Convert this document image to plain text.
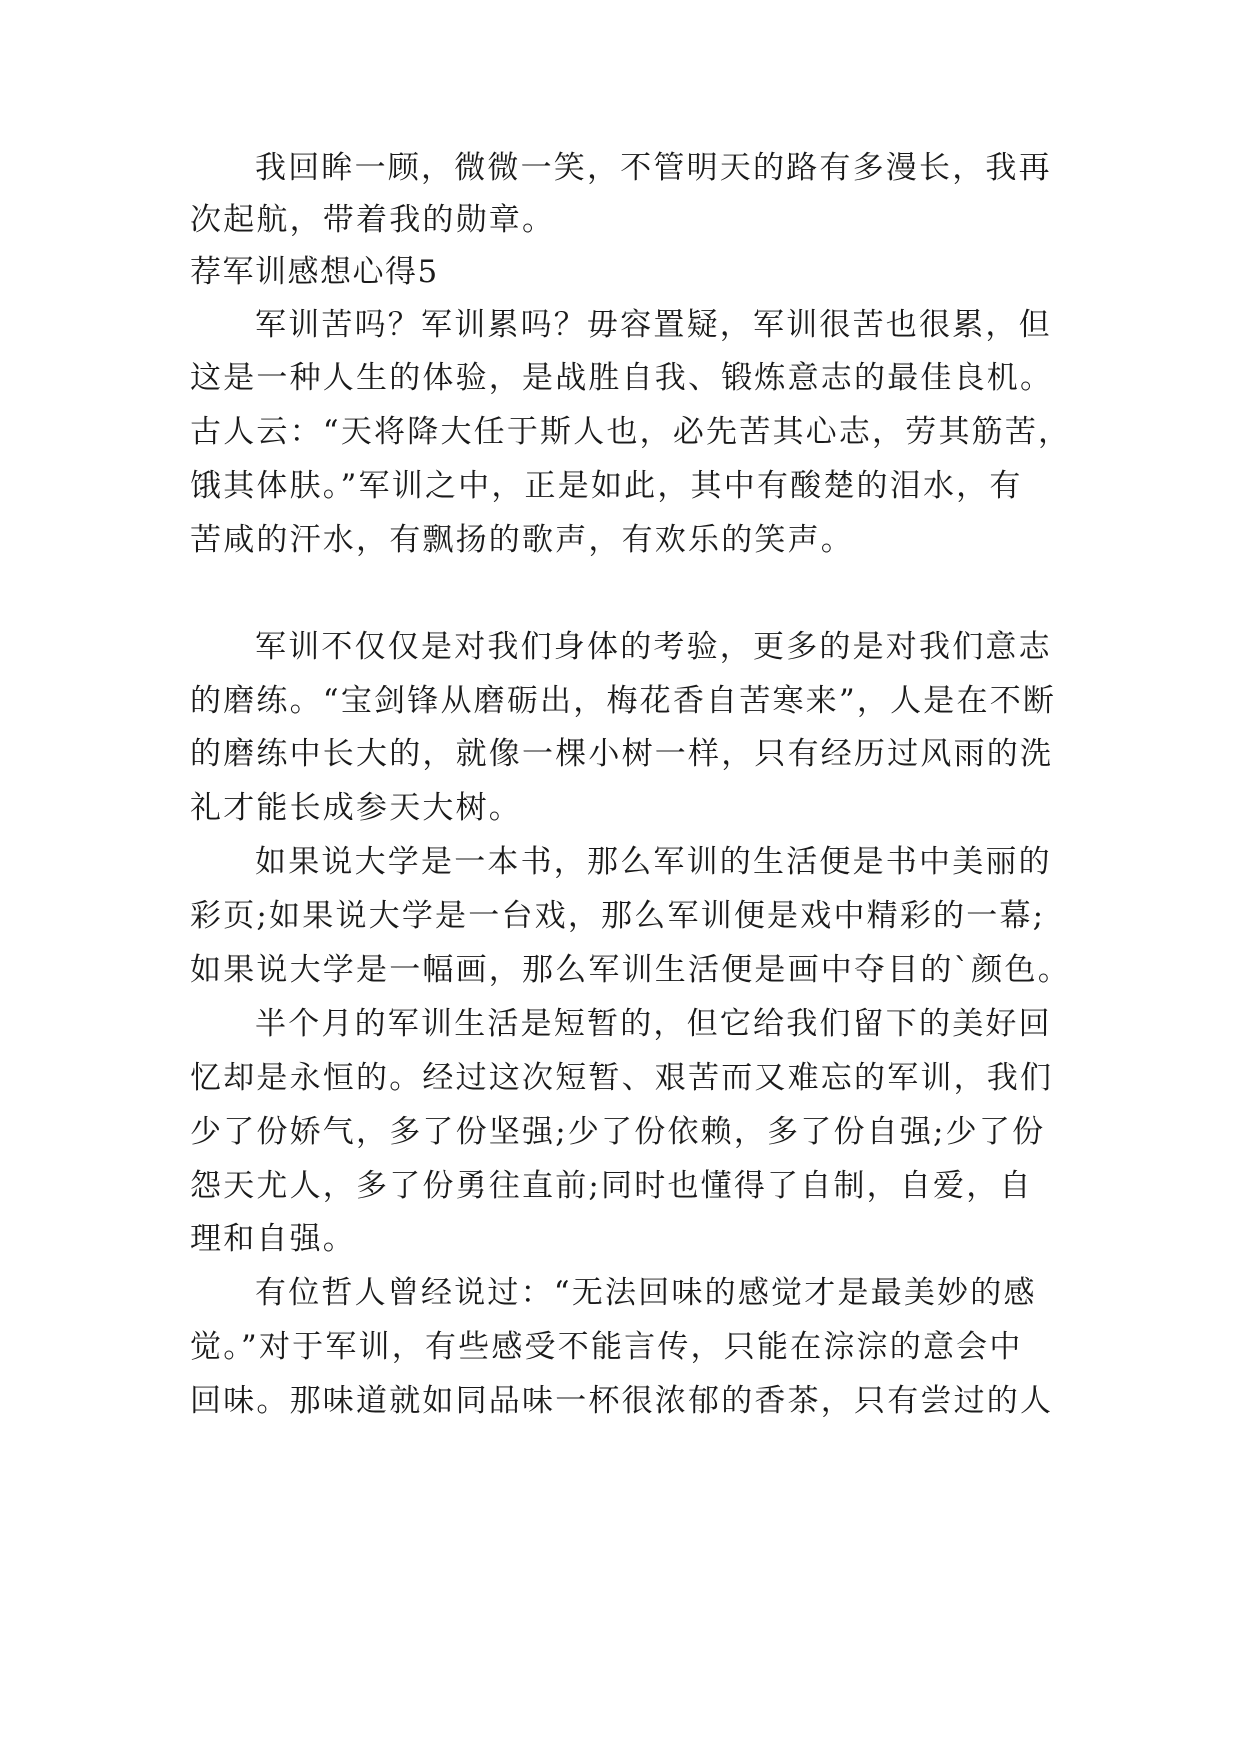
我回眸一顾，微微一笑，不管明天的路有多漫长，我再
次起航，带着我的勋章。
荐军训感想心得5
军训苦吗？军训累吗？毋容置疑，军训很苦也很累，但
这是一种人生的体验，是战胜自我、锻炼意志的最佳良机。
古人云：“天将降大任于斯人也，必先苦其心志，劳其筋苦，
饿其体肤。”军训之中，正是如此，其中有酸楚的泪水，有
苦咸的汗水，有飘扬的歌声，有欢乐的笑声。
军训不仅仅是对我们身体的考验，更多的是对我们意志
的磨练。“宝剑锋从磨砺出，梅花香自苦寒来”，人是在不断
的磨练中长大的，就像一棵小树一样，只有经历过风雨的洗
礼才能长成参天大树。
如果说大学是一本书，那么军训的生活便是书中美丽的
彩页;如果说大学是一台戏，那么军训便是戏中精彩的一幕;
如果说大学是一幅画，那么军训生活便是画中夺目的`颜色。
半个月的军训生活是短暂的，但它给我们留下的美好回
忆却是永恒的。经过这次短暂、艰苦而又难忘的军训，我们
少了份娇气，多了份坚强;少了份依赖，多了份自强;少了份
怨天尤人，多了份勇往直前;同时也懂得了自制，自爱，自
理和自强。
有位哲人曾经说过：“无法回味的感觉才是最美妙的感
觉。”对于军训，有些感受不能言传，只能在淙淙的意会中
回味。那味道就如同品味一杯很浓郁的香茶，只有尝过的人
